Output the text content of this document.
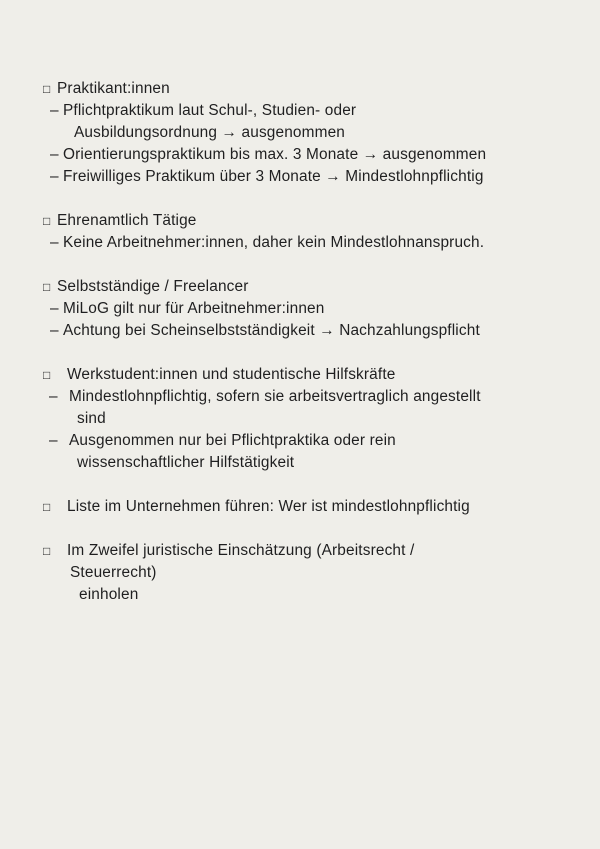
□ Praktikant:innen
– Pflichtpraktikum laut Schul-, Studien- oder
Ausbildungsordnung → ausgenommen
– Orientierungspraktikum bis max. 3 Monate → ausgenommen
– Freiwilliges Praktikum über 3 Monate → Mindestlohnpflichtig
□ Ehrenamtlich Tätige
– Keine Arbeitnehmer:innen, daher kein Mindestlohnanspruch.
□ Selbstständige / Freelancer
– MiLoG gilt nur für Arbeitnehmer:innen
– Achtung bei Scheinselbstständigkeit → Nachzahlungspflicht
□	Werkstudent:innen und studentische Hilfskräfte
– Mindestlohnpflichtig, sofern sie arbeitsvertraglich angestellt
sind
– Ausgenommen nur bei Pflichtpraktika oder rein
wissenschaftlicher Hilfstätigkeit
□	Liste im Unternehmen führen: Wer ist mindestlohnpflichtig
□	Im Zweifel juristische Einschätzung (Arbeitsrecht /
Steuerrecht)
einholen
